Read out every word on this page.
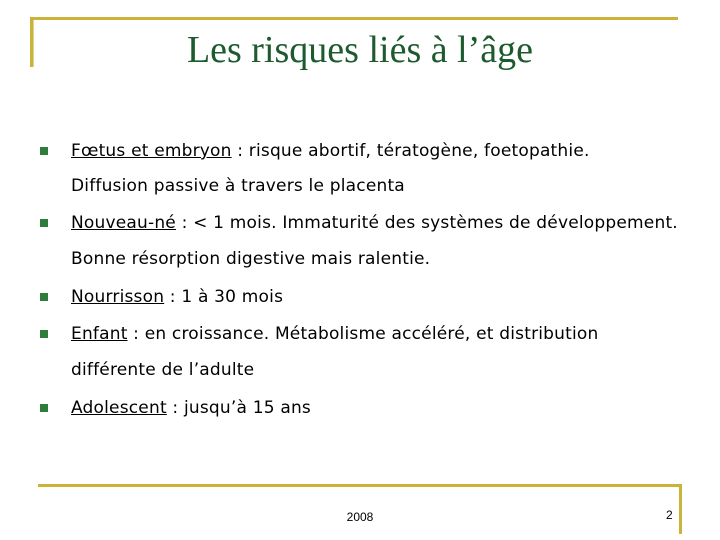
Les risques liés à l’âge
Fœtus et embryon : risque abortif, tératogène, foetopathie.
Diffusion passive à travers le placenta
Nouveau-né : < 1 mois. Immaturité des systèmes de développement.
Bonne résorption digestive mais ralentie.
Nourrisson : 1 à 30 mois
Enfant : en croissance. Métabolisme accéléré, et distribution
différente de l’adulte
Adolescent : jusqu’à 15 ans
2008	2
